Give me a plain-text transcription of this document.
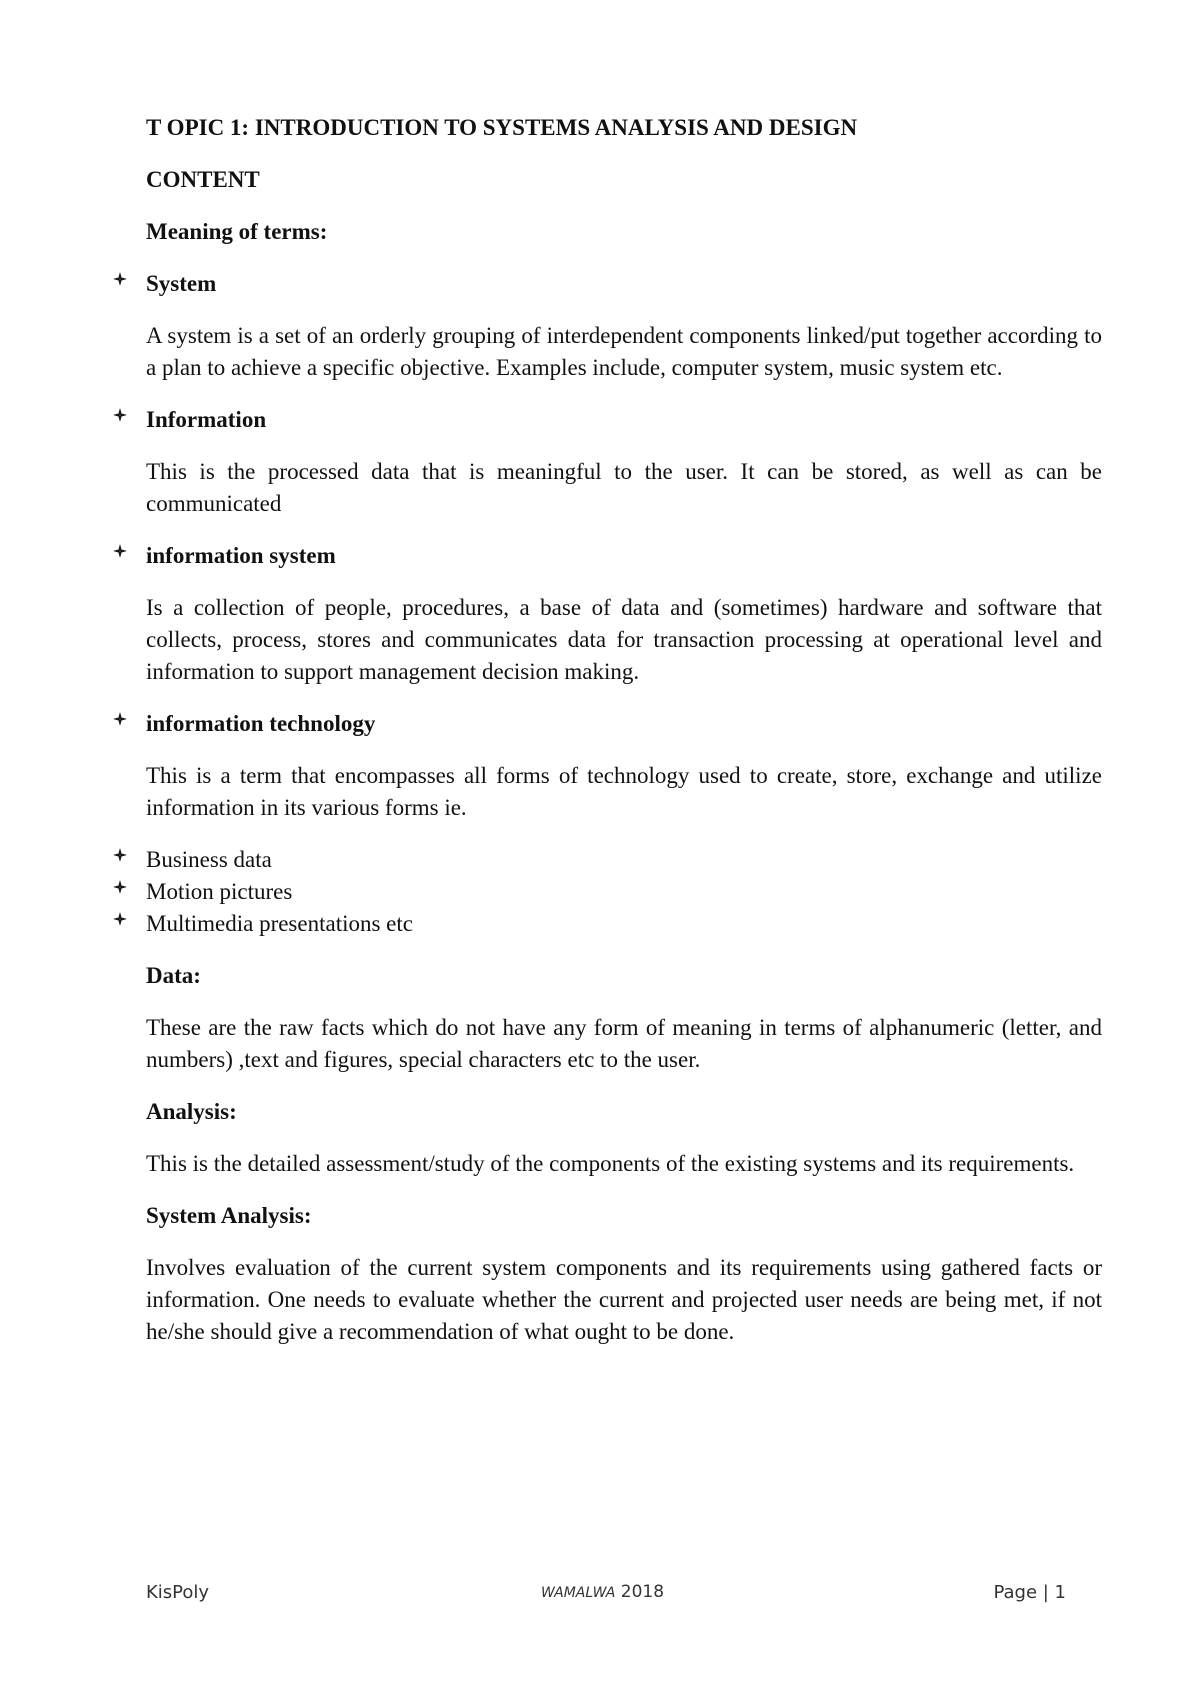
T OPIC 1: INTRODUCTION TO SYSTEMS ANALYSIS AND DESIGN

CONTENT

Meaning of terms:

System

A system is a set of an orderly grouping of interdependent components linked/put together according to a plan to achieve a specific objective. Examples include, computer system, music system etc.

Information

This is the processed data that is meaningful to the user. It can be stored, as well as can be communicated

information system

Is a collection of people, procedures, a base of data and (sometimes) hardware and software that collects, process, stores and communicates data for transaction processing at operational level and information to support management decision making.

information technology

This is a term that encompasses all forms of technology used to create, store, exchange and utilize information in its various forms ie.

Business data

Motion pictures

Multimedia presentations etc

Data:

These are the raw facts which do not have any form of meaning in terms of alphanumeric (letter, and numbers) ,text and figures, special characters etc to the user.

Analysis:

This is the detailed assessment/study of the components of the existing systems and its requirements.

System Analysis:

Involves evaluation of the current system components and its requirements using gathered facts or information. One needs to evaluate whether the current and projected user needs are being met, if not he/she should give a recommendation of what ought to be done.

KisPoly	WAMALWA 2018	Page | 1
